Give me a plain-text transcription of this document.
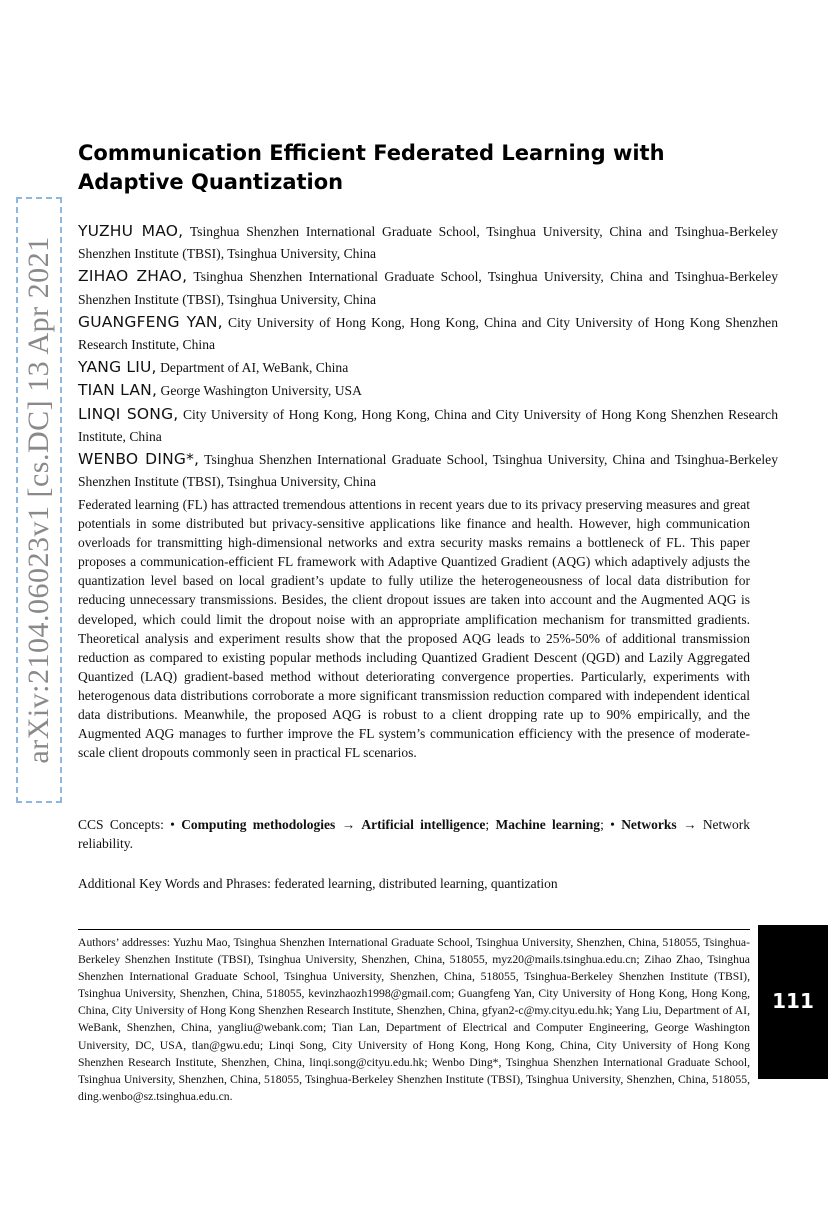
arXiv:2104.06023v1 [cs.DC] 13 Apr 2021
Communication Efficient Federated Learning with Adaptive Quantization

YUZHU MAO, Tsinghua Shenzhen International Graduate School, Tsinghua University, China and Tsinghua-Berkeley Shenzhen Institute (TBSI), Tsinghua University, China

ZIHAO ZHAO, Tsinghua Shenzhen International Graduate School, Tsinghua University, China and Tsinghua-Berkeley Shenzhen Institute (TBSI), Tsinghua University, China

GUANGFENG YAN, City University of Hong Kong, Hong Kong, China and City University of Hong Kong Shenzhen Research Institute, China

YANG LIU, Department of AI, WeBank, China

TIAN LAN, George Washington University, USA

LINQI SONG, City University of Hong Kong, Hong Kong, China and City University of Hong Kong Shenzhen Research Institute, China

WENBO DING*, Tsinghua Shenzhen International Graduate School, Tsinghua University, China and Tsinghua-Berkeley Shenzhen Institute (TBSI), Tsinghua University, China

Federated learning (FL) has attracted tremendous attentions in recent years due to its privacy preserving measures and great potentials in some distributed but privacy-sensitive applications like finance and health. However, high communication overloads for transmitting high-dimensional networks and extra security masks remains a bottleneck of FL. This paper proposes a communication-efficient FL framework with Adaptive Quantized Gradient (AQG) which adaptively adjusts the quantization level based on local gradient’s update to fully utilize the heterogeneousness of local data distribution for reducing unnecessary transmissions. Besides, the client dropout issues are taken into account and the Augmented AQG is developed, which could limit the dropout noise with an appropriate amplification mechanism for transmitted gradients. Theoretical analysis and experiment results show that the proposed AQG leads to 25%-50% of additional transmission reduction as compared to existing popular methods including Quantized Gradient Descent (QGD) and Lazily Aggregated Quantized (LAQ) gradient-based method without deteriorating convergence properties. Particularly, experiments with heterogenous data distributions corroborate a more significant transmission reduction compared with independent identical data distributions. Meanwhile, the proposed AQG is robust to a client dropping rate up to 90% empirically, and the Augmented AQG manages to further improve the FL system’s communication efficiency with the presence of moderate-scale client dropouts commonly seen in practical FL scenarios.

CCS Concepts: • Computing methodologies → Artificial intelligence; Machine learning; • Networks → Network reliability.

Additional Key Words and Phrases: federated learning, distributed learning, quantization

Authors’ addresses: Yuzhu Mao, Tsinghua Shenzhen International Graduate School, Tsinghua University, Shenzhen, China, 518055, Tsinghua-Berkeley Shenzhen Institute (TBSI), Tsinghua University, Shenzhen, China, 518055, myz20@mails.tsinghua.edu.cn; Zihao Zhao, Tsinghua Shenzhen International Graduate School, Tsinghua University, Shenzhen, China, 518055, Tsinghua-Berkeley Shenzhen Institute (TBSI), Tsinghua University, Shenzhen, China, 518055, kevinzhaozh1998@gmail.com; Guangfeng Yan, City University of Hong Kong, Hong Kong, China, City University of Hong Kong Shenzhen Research Institute, Shenzhen, China, gfyan2-c@my.cityu.edu.hk; Yang Liu, Department of AI, WeBank, Shenzhen, China, yangliu@webank.com; Tian Lan, Department of Electrical and Computer Engineering, George Washington University, DC, USA, tlan@gwu.edu; Linqi Song, City University of Hong Kong, Hong Kong, China, City University of Hong Kong Shenzhen Research Institute, Shenzhen, China, linqi.song@cityu.edu.hk; Wenbo Ding*, Tsinghua Shenzhen International Graduate School, Tsinghua University, Shenzhen, China, 518055, Tsinghua-Berkeley Shenzhen Institute (TBSI), Tsinghua University, Shenzhen, China, 518055, ding.wenbo@sz.tsinghua.edu.cn.

111
